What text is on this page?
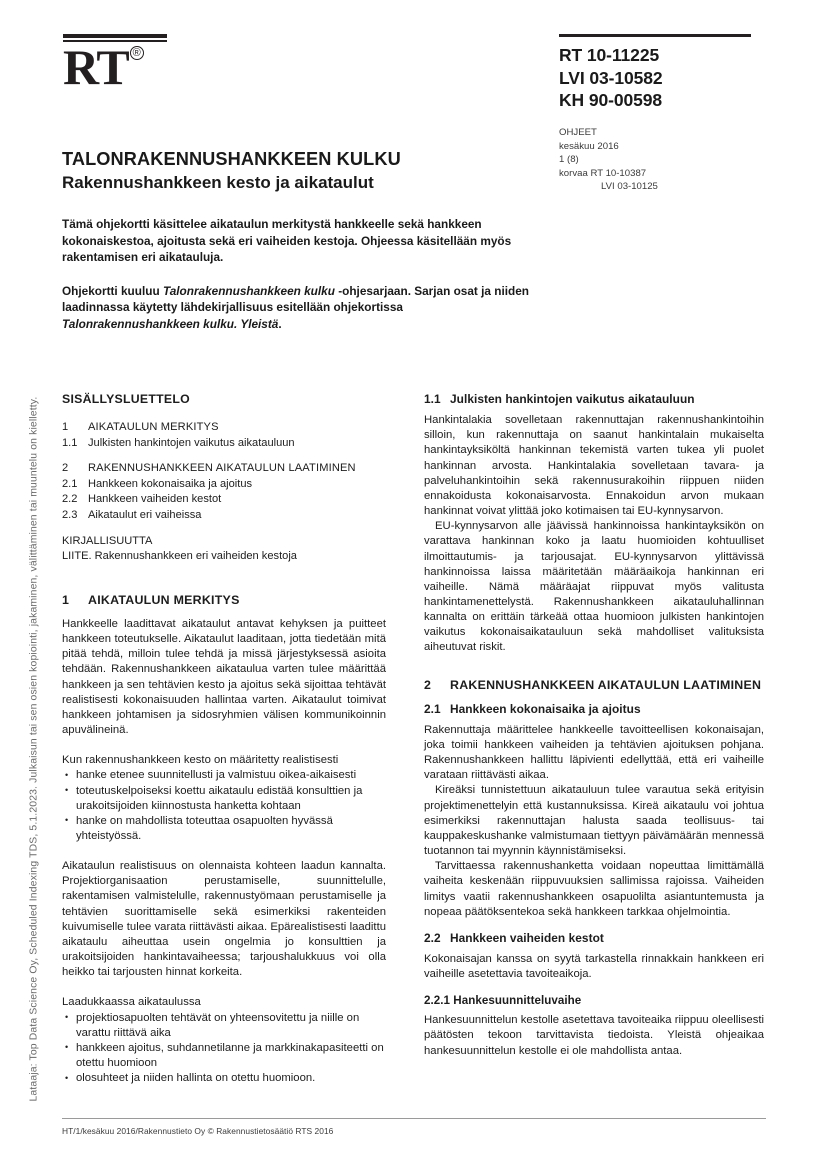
Lataaja: Top Data Science Oy, Scheduled Indexing TDS, 5.1.2023. Julkaisun tai sen osien kopiointi, jakaminen, välittäminen tai muuntelu on kielletty.
RT ®	RT 10-11225
LVI 03-10582
KH 90-00598
OHJEET
kesäkuu 2016
1 (8)
korvaa RT 10-10387
LVI 03-10125
TALONRAKENNUSHANKKEEN KULKU
Rakennushankkeen kesto ja aikataulut
Tämä ohjekortti käsittelee aikataulun merkitystä hankkeelle sekä hankkeen kokonaiskestoa, ajoitusta sekä eri vaiheiden kestoja. Ohjeessa käsitellään myös rakentamisen eri aikatauluja.
Ohjekortti kuuluu Talonrakennushankkeen kulku -ohjesarjaan. Sarjan osat ja niiden laadinnassa käytetty lähdekirjallisuus esitellään ohjekortissa Talonrakennushankkeen kulku. Yleistä.
SISÄLLYSLUETTELO
1	AIKATAULUN MERKITYS
1.1 Julkisten hankintojen vaikutus aikatauluun
2	RAKENNUSHANKKEEN AIKATAULUN LAATIMINEN
2.1 Hankkeen kokonaisaika ja ajoitus
2.2 Hankkeen vaiheiden kestot
2.3 Aikataulut eri vaiheissa
KIRJALLISUUTTA
LIITE. Rakennushankkeen eri vaiheiden kestoja
1	AIKATAULUN MERKITYS

Hankkeelle laadittavat aikataulut antavat kehyksen ja puitteet hankkeen toteutukselle. Aikataulut laaditaan, jotta tiedetään mitä pitää tehdä, milloin tulee tehdä ja missä järjestyksessä asioita tehdään. Rakennushankkeen aikataulua varten tulee määrittää hankkeen ja sen tehtävien kesto ja ajoitus sekä sijoittaa tehtävät realistisesti kokonaisuuden hallintaa varten. Aikataulut toimivat hankkeen johtamisen ja sidosryhmien välisen kommunikoinnin apuvälineinä.

Kun rakennushankkeen kesto on määritetty realistisesti

• hanke etenee suunnitellusti ja valmistuu oikea-aikaisesti
• toteutuskelpoiseksi koettu aikataulu edistää konsulttien ja urakoitsijoiden kiinnostusta hanketta kohtaan
• hanke on mahdollista toteuttaa osapuolten hyvässä yhteistyössä.

Aikataulun realistisuus on olennaista kohteen laadun kannalta. Projektiorganisaation perustamiselle, suunnittelulle, rakentamisen valmistelulle, rakennustyömaan perustamiselle ja tehtävien suorittamiselle sekä esimerkiksi rakenteiden kuivumiselle tulee varata riittävästi aikaa. Epärealistisesti laadittu aikataulu aiheuttaa usein ongelmia jo konsulttien ja urakoitsijoiden hankintavaiheessa; tarjoushalukkuus voi olla heikko tai tarjousten hinnat korkeita.

Laadukkaassa aikataulussa

• projektiosapuolten tehtävät on yhteensovitettu ja niille on varattu riittävä aika
• hankkeen ajoitus, suhdannetilanne ja markkinakapasiteetti on otettu huomioon
• olosuhteet ja niiden hallinta on otettu huomioon.
1.1 Julkisten hankintojen vaikutus aikatauluun

Hankintalakia sovelletaan rakennuttajan rakennushankintoihin silloin, kun rakennuttaja on saanut hankintalain mukaiselta hankintayksiköltä hankinnan tekemistä varten tukea yli puolet hankinnan arvosta. Hankintalakia sovelletaan tavara- ja palveluhankintoihin sekä rakennusurakoihin riippuen niiden ennakoidusta kokonaisarvosta. Ennakoidun arvon mukaan hankinnat voivat ylittää joko kotimaisen tai EU-kynnysarvon.

EU-kynnysarvon alle jäävissä hankinnoissa hankintayksikön on varattava hankinnan koko ja laatu huomioiden kohtuulliset ilmoittautumis- ja tarjousajat. EU-kynnysarvon ylittävissä hankinnoissa laissa määritetään määräaikoja hankinnan eri vaiheille. Nämä määräajat riippuvat myös valitusta hankintamenettelystä. Rakennushankkeen aikatauluhallinnan kannalta on erittäin tärkeää ottaa huomioon julkisten hankintojen vaikutus kokonaisaikatauluun sekä mahdolliset valituksista aiheutuvat riskit.

2	RAKENNUSHANKKEEN AIKATAULUN LAATIMINEN
2.1 Hankkeen kokonaisaika ja ajoitus

Rakennuttaja määrittelee hankkeelle tavoitteellisen kokonaisajan, joka toimii hankkeen vaiheiden ja tehtävien ajoituksen pohjana. Rakennushankkeen hallittu läpivienti edellyttää, että eri vaiheille varataan riittävästi aikaa.

Kireäksi tunnistettuun aikatauluun tulee varautua sekä erityisin projektimenettelyin että kustannuksissa. Kireä aikataulu voi johtua esimerkiksi rakennuttajan halusta saada teollisuus- tai kauppakeskushanke valmistumaan tiettyyn päivämäärän mennessä tuotannon tai myynnin käynnistämiseksi.

Tarvittaessa rakennushanketta voidaan nopeuttaa limittämällä vaiheita keskenään riippuvuuksien sallimissa rajoissa. Vaiheiden limitys vaatii rakennushankkeen osapuolilta asiantuntemusta ja nopeaa päätöksentekoa sekä hankkeen tarkkaa ohjelmointia.

2.2 Hankkeen vaiheiden kestot

Kokonaisajan kanssa on syytä tarkastella rinnakkain hankkeen eri vaiheille asetettavia tavoiteaikoja.

2.2.1 Hankesuunnitteluvaihe

Hankesuunnittelun kestolle asetettava tavoiteaika riippuu oleellisesti päätösten tekoon tarvittavista tiedoista. Yleistä ohjeaikaa hankesuunnittelun kestolle ei ole mahdollista antaa.

HT/1/kesäkuu 2016/Rakennustieto Oy © Rakennustietosäätiö RTS 2016
